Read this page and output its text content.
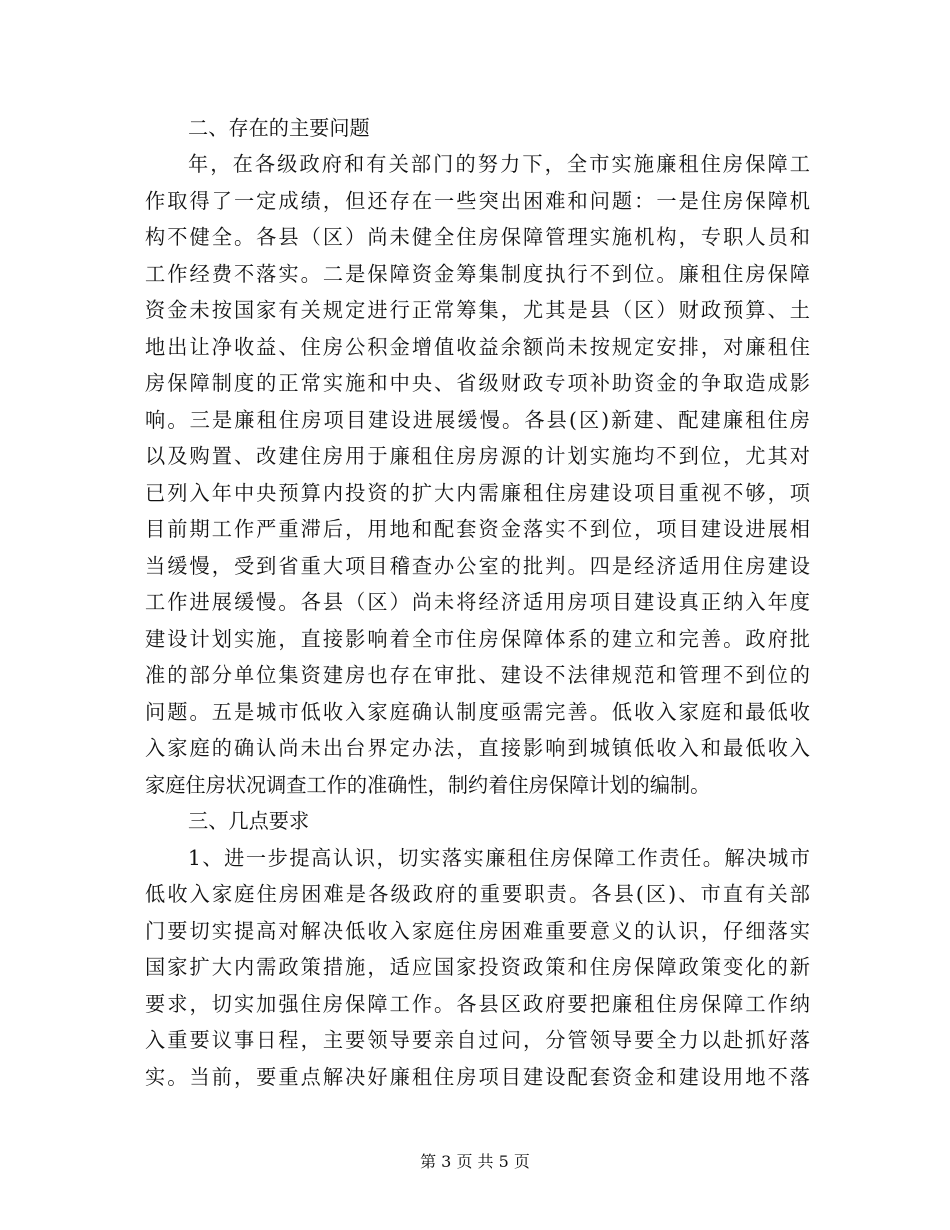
二、存在的主要问题
年，在各级政府和有关部门的努力下，全市实施廉租住房保障工
作取得了一定成绩，但还存在一些突出困难和问题：一是住房保障机
构不健全。各县（区）尚未健全住房保障管理实施机构，专职人员和
工作经费不落实。二是保障资金筹集制度执行不到位。廉租住房保障
资金未按国家有关规定进行正常筹集，尤其是县（区）财政预算、土
地出让净收益、住房公积金增值收益余额尚未按规定安排，对廉租住
房保障制度的正常实施和中央、省级财政专项补助资金的争取造成影
响。三是廉租住房项目建设进展缓慢。各县(区)新建、配建廉租住房
以及购置、改建住房用于廉租住房房源的计划实施均不到位，尤其对
已列入年中央预算内投资的扩大内需廉租住房建设项目重视不够，项
目前期工作严重滞后，用地和配套资金落实不到位，项目建设进展相
当缓慢，受到省重大项目稽查办公室的批判。四是经济适用住房建设
工作进展缓慢。各县（区）尚未将经济适用房项目建设真正纳入年度
建设计划实施，直接影响着全市住房保障体系的建立和完善。政府批
准的部分单位集资建房也存在审批、建设不法律规范和管理不到位的
问题。五是城市低收入家庭确认制度亟需完善。低收入家庭和最低收
入家庭的确认尚未出台界定办法，直接影响到城镇低收入和最低收入
家庭住房状况调查工作的准确性，制约着住房保障计划的编制。
三、几点要求
1、进一步提高认识，切实落实廉租住房保障工作责任。解决城市
低收入家庭住房困难是各级政府的重要职责。各县(区)、市直有关部
门要切实提高对解决低收入家庭住房困难重要意义的认识，仔细落实
国家扩大内需政策措施，适应国家投资政策和住房保障政策变化的新
要求，切实加强住房保障工作。各县区政府要把廉租住房保障工作纳
入重要议事日程，主要领导要亲自过问，分管领导要全力以赴抓好落
实。当前，要重点解决好廉租住房项目建设配套资金和建设用地不落
第 3 页 共 5 页
